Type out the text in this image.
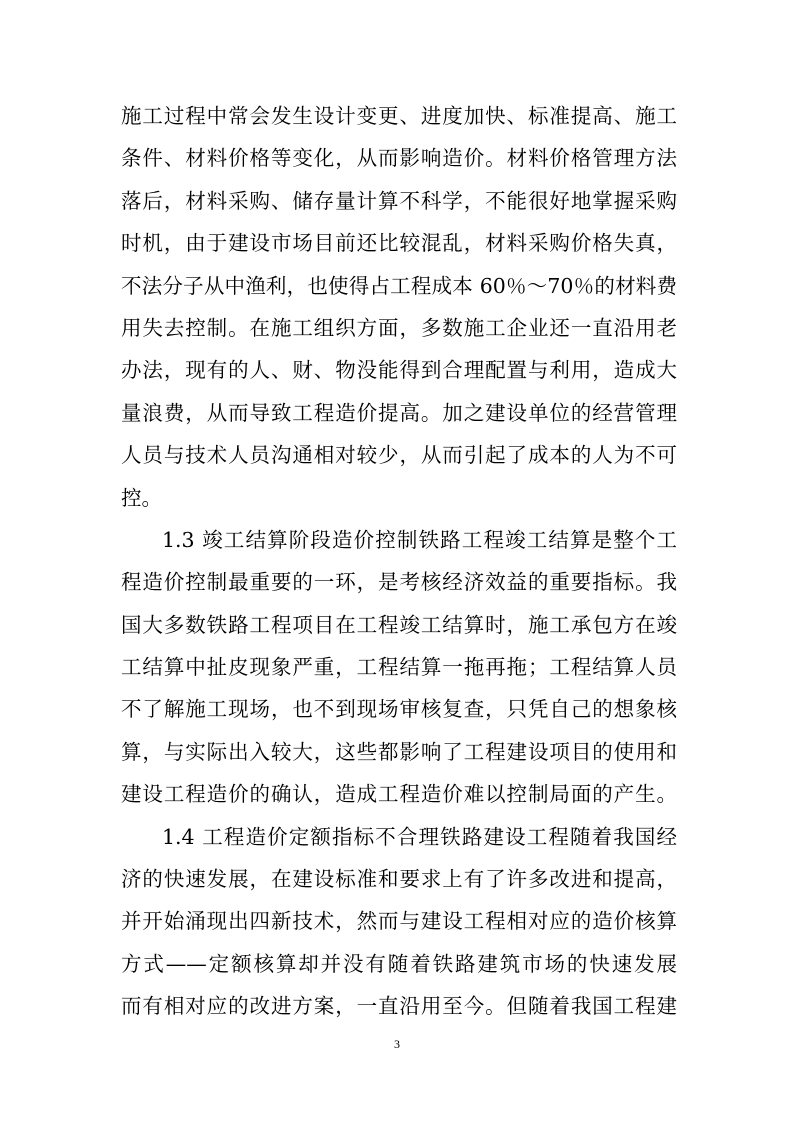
施工过程中常会发生设计变更、进度加快、标准提高、施工
条件、材料价格等变化，从而影响造价。材料价格管理方法
落后，材料采购、储存量计算不科学，不能很好地掌握采购
时机，由于建设市场目前还比较混乱，材料采购价格失真，
不法分子从中渔利，也使得占工程成本 60％～70％的材料费
用失去控制。在施工组织方面，多数施工企业还一直沿用老
办法，现有的人、财、物没能得到合理配置与利用，造成大
量浪费，从而导致工程造价提高。加之建设单位的经营管理
人员与技术人员沟通相对较少，从而引起了成本的人为不可
控。
1.3 竣工结算阶段造价控制铁路工程竣工结算是整个工
程造价控制最重要的一环，是考核经济效益的重要指标。我
国大多数铁路工程项目在工程竣工结算时，施工承包方在竣
工结算中扯皮现象严重，工程结算一拖再拖；工程结算人员
不了解施工现场，也不到现场审核复查，只凭自己的想象核
算，与实际出入较大，这些都影响了工程建设项目的使用和
建设工程造价的确认，造成工程造价难以控制局面的产生。
1.4 工程造价定额指标不合理铁路建设工程随着我国经
济的快速发展，在建设标准和要求上有了许多改进和提高，
并开始涌现出四新技术，然而与建设工程相对应的造价核算
方式——定额核算却并没有随着铁路建筑市场的快速发展
而有相对应的改进方案，一直沿用至今。但随着我国工程建
3
